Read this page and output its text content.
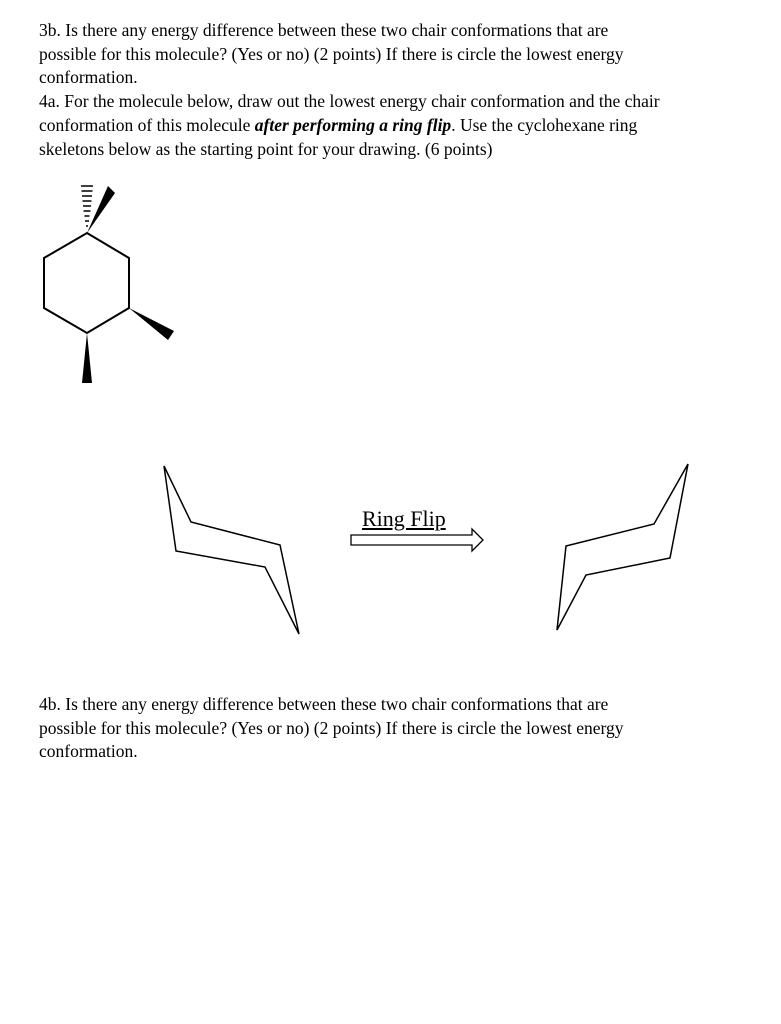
3b. Is there any energy difference between these two chair conformations that are
possible for this molecule? (Yes or no) (2 points) If there is circle the lowest energy
conformation.
4a. For the molecule below, draw out the lowest energy chair conformation and the chair
conformation of this molecule after performing a ring flip. Use the cyclohexane ring
skeletons below as the starting point for your drawing. (6 points)
Ring Flip
4b. Is there any energy difference between these two chair conformations that are
possible for this molecule? (Yes or no) (2 points) If there is circle the lowest energy
conformation.
